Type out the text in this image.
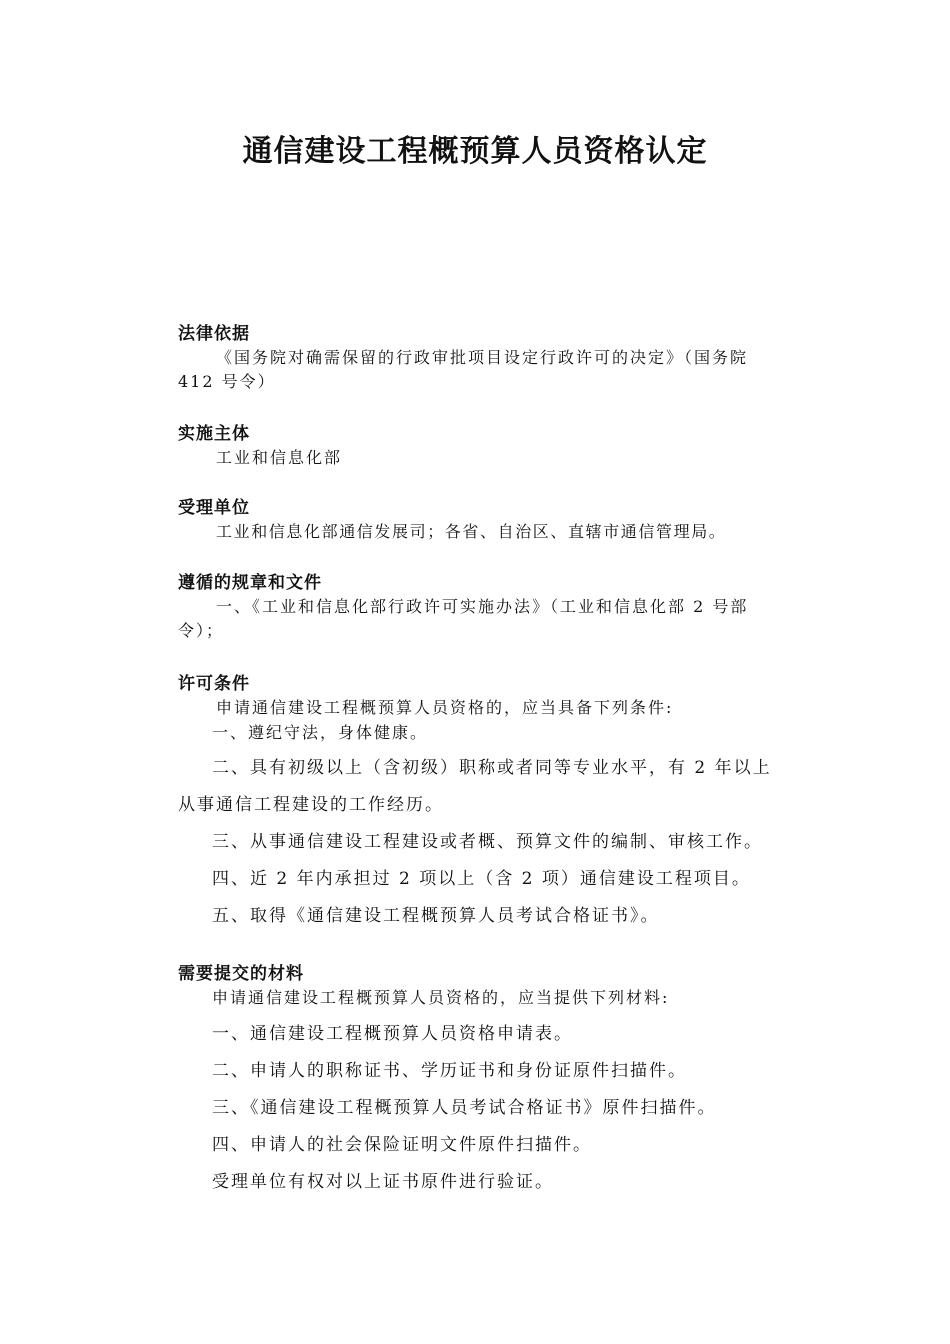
通信建设工程概预算人员资格认定

法律依据

《国务院对确需保留的行政审批项目设定行政许可的决定》（国务院 412 号令）

实施主体

工业和信息化部

受理单位

工业和信息化部通信发展司；各省、自治区、直辖市通信管理局。

遵循的规章和文件

一、《工业和信息化部行政许可实施办法》（工业和信息化部 2 号部令）；

许可条件

申请通信建设工程概预算人员资格的，应当具备下列条件:

一、遵纪守法，身体健康。

二、具有初级以上（含初级）职称或者同等专业水平，有 2 年以上从事通信工程建设的工作经历。

三、从事通信建设工程建设或者概、预算文件的编制、审核工作。

四、近 2 年内承担过 2 项以上（含 2 项）通信建设工程项目。

五、取得《通信建设工程概预算人员考试合格证书》。

需要提交的材料

申请通信建设工程概预算人员资格的，应当提供下列材料:

一、通信建设工程概预算人员资格申请表。

二、申请人的职称证书、学历证书和身份证原件扫描件。

三、《通信建设工程概预算人员考试合格证书》原件扫描件。

四、申请人的社会保险证明文件原件扫描件。

受理单位有权对以上证书原件进行验证。
